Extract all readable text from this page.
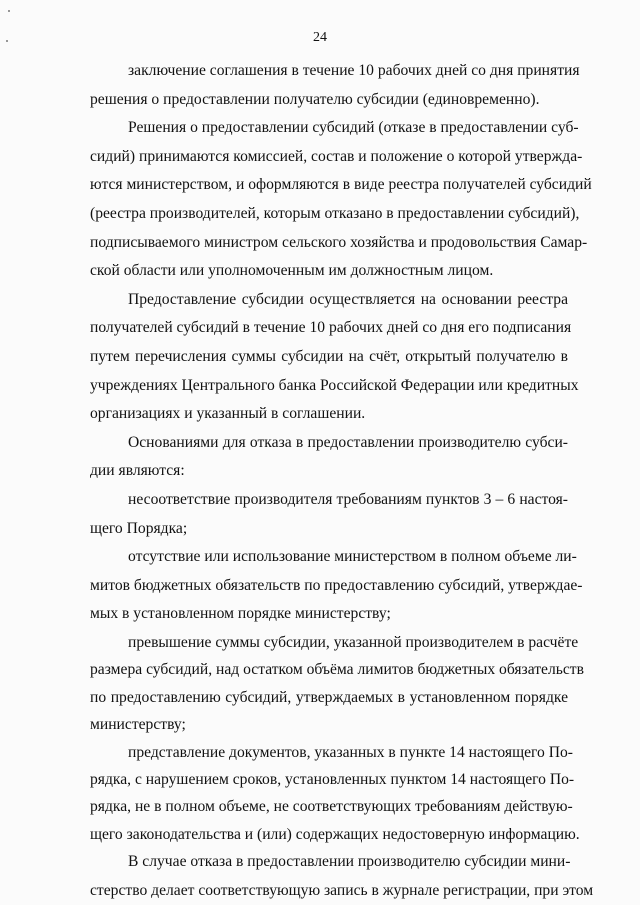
24

заключение соглашения в течение 10 рабочих дней со дня принятия
решения о предоставлении получателю субсидии (единовременно).

Решения о предоставлении субсидий (отказе в предоставлении суб-
сидий) принимаются комиссией, состав и положение о которой утвержда-
ются министерством, и оформляются в виде реестра получателей субсидий
(реестра производителей, которым отказано в предоставлении субсидий),
подписываемого министром сельского хозяйства и продовольствия Самар-
ской области или уполномоченным им должностным лицом.

Предоставление субсидии осуществляется на основании реестра
получателей субсидий в течение 10 рабочих дней со дня его подписания
путем перечисления суммы субсидии на счёт, открытый получателю в
учреждениях Центрального банка Российской Федерации или кредитных
организациях и указанный в соглашении.

Основаниями для отказа в предоставлении производителю субси-
дии являются:

несоответствие производителя требованиям пунктов 3 – 6 настоя-
щего Порядка;

отсутствие или использование министерством в полном объеме ли-
митов бюджетных обязательств по предоставлению субсидий, утверждае-
мых в установленном порядке министерству;

превышение суммы субсидии, указанной производителем в расчёте
размера субсидий, над остатком объёма лимитов бюджетных обязательств
по предоставлению субсидий, утверждаемых в установленном порядке
министерству;

представление документов, указанных в пункте 14 настоящего По-
рядка, с нарушением сроков, установленных пунктом 14 настоящего По-
рядка, не в полном объеме, не соответствующих требованиям действую-
щего законодательства и (или) содержащих недостоверную информацию.

В случае отказа в предоставлении производителю субсидии мини-
стерство делает соответствующую запись в журнале регистрации, при этом
